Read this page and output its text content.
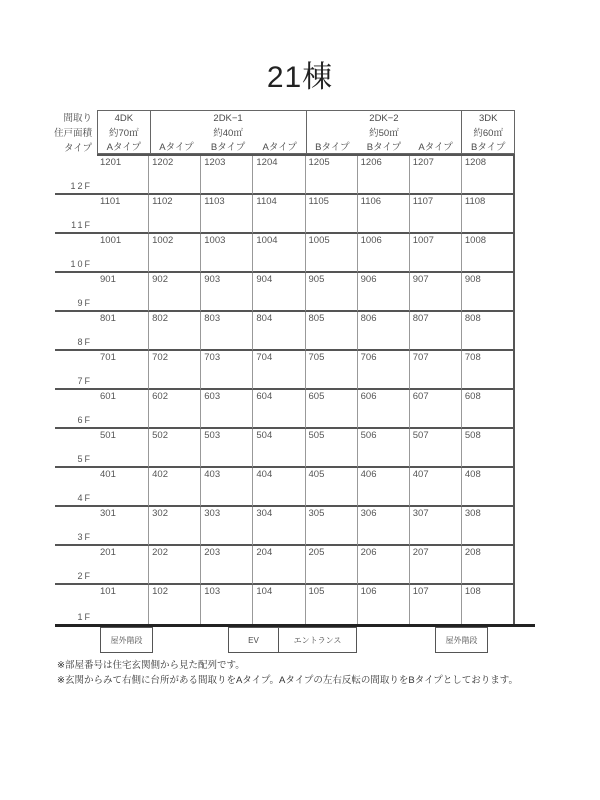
21棟
間取り
住戸面積
タイプ
4DK
約70㎡
Aタイプ
2DK−1
約40㎡
Aタイプ	Bタイプ	Aタイプ
2DK−2
約50㎡
Bタイプ	Bタイプ	Aタイプ
3DK
約60㎡
Bタイプ
12F
1201	1202	1203	1204	1205	1206	1207	1208
11F
1101	1102	1103	1104	1105	1106	1107	1108
10F
1001	1002	1003	1004	1005	1006	1007	1008
9F
901	902	903	904	905	906	907	908
8F
801	802	803	804	805	806	807	808
7F
701	702	703	704	705	706	707	708
6F
601	602	603	604	605	606	607	608
5F
501	502	503	504	505	506	507	508
4F
401	402	403	404	405	406	407	408
3F
301	302	303	304	305	306	307	308
2F
201	202	203	204	205	206	207	208
1F
101	102	103	104	105	106	107	108
屋外階段	EV	エントランス	屋外階段
※部屋番号は住宅玄関側から見た配列です。
※玄関からみて右側に台所がある間取りをAタイプ。Aタイプの左右反転の間取りをBタイプとしております。
